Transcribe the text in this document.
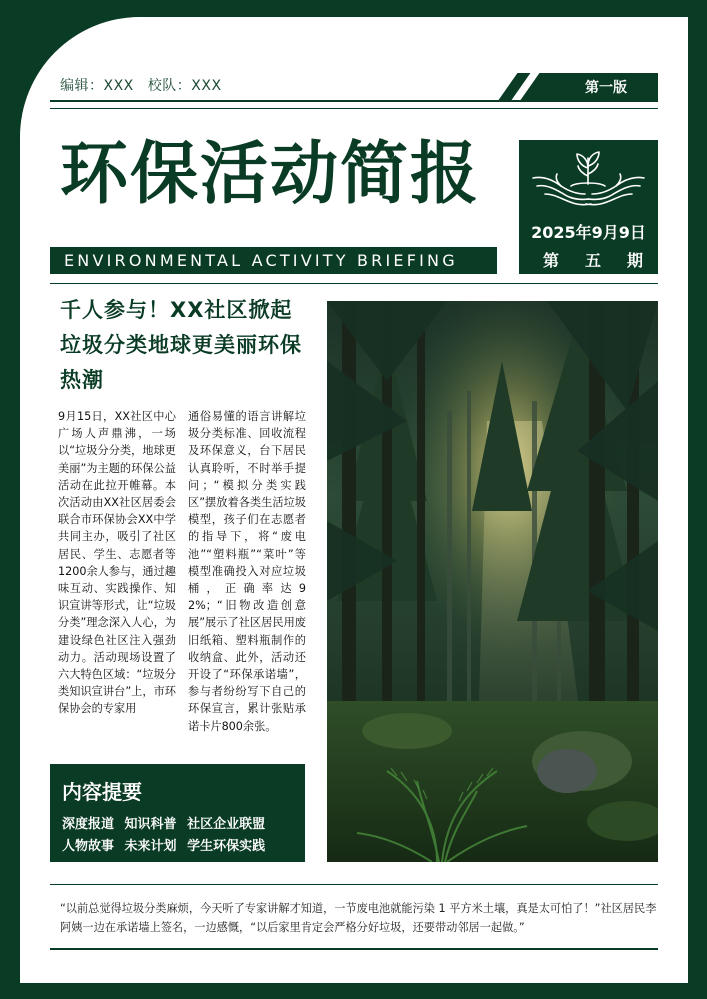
编辑：XXX 校队：XXX	第一版
环保活动简报
ENVIRONMENTAL ACTIVITY BRIEFING
2025年9月9日
第五期
千人参与！XX社区掀起垃圾分类地球更美丽环保热潮
9月15日，XX社区中心广场人声鼎沸，一场以“垃圾分分类，地球更美丽”为主题的环保公益活动在此拉开帷幕。本次活动由XX社区居委会联合市环保协会XX中学共同主办，吸引了社区居民、学生、志愿者等1200余人参与，通过趣味互动、实践操作、知识宣讲等形式，让“垃圾分类”理念深入人心，为建设绿色社区注入强劲动力。活动现场设置了六大特色区域：“垃圾分类知识宣讲台”上，市环保协会的专家用
通俗易懂的语言讲解垃圾分类标准、回收流程及环保意义，台下居民认真聆听，不时举手提问；“模拟分类实践区”摆放着各类生活垃圾模型，孩子们在志愿者的指导下，将“废电池”“塑料瓶”“菜叶”等模型准确投入对应垃圾桶，正确率达92%；“旧物改造创意展”展示了社区居民用废旧纸箱、塑料瓶制作的收纳盒、此外，活动还开设了“环保承诺墙”，参与者纷纷写下自己的环保宣言，累计张贴承诺卡片800余张。
内容提要
深度报道 知识科普 社区企业联盟 人物故事 未来计划 学生环保实践
“以前总觉得垃圾分类麻烦，今天听了专家讲解才知道，一节废电池就能污染 1 平方米土壤，真是太可怕了！”社区居民李阿姨一边在承诺墙上签名，一边感慨，“以后家里肯定会严格分好垃圾，还要带动邻居一起做。”
